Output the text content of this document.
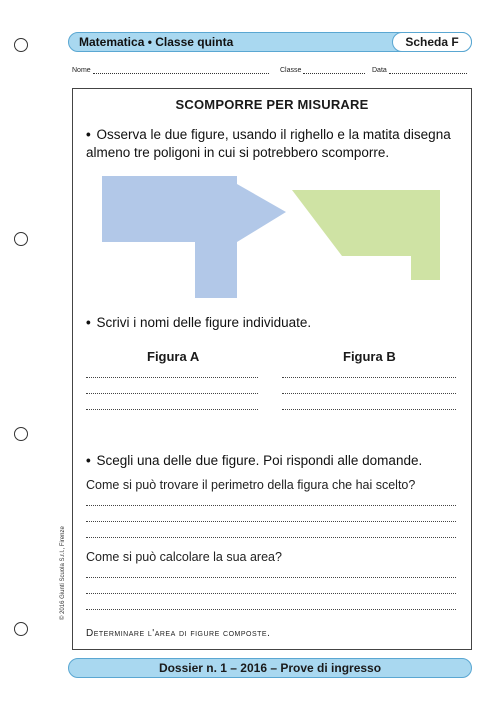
Matematica • Classe quinta	Scheda F
Nome	Classe	Data
SCOMPORRE PER MISURARE
• Osserva le due figure, usando il righello e la matita disegna
almeno tre poligoni in cui si potrebbero scomporre.
• Scrivi i nomi delle figure individuate.
Figura A	Figura B
• Scegli una delle due figure. Poi rispondi alle domande.
Come si può trovare il perimetro della figura che hai scelto?
Come si può calcolare la sua area?
Determinare l'area di figure composte.
© 2016 Giunti Scuola S.r.l., Firenze
Dossier n. 1 – 2016 – Prove di ingresso
